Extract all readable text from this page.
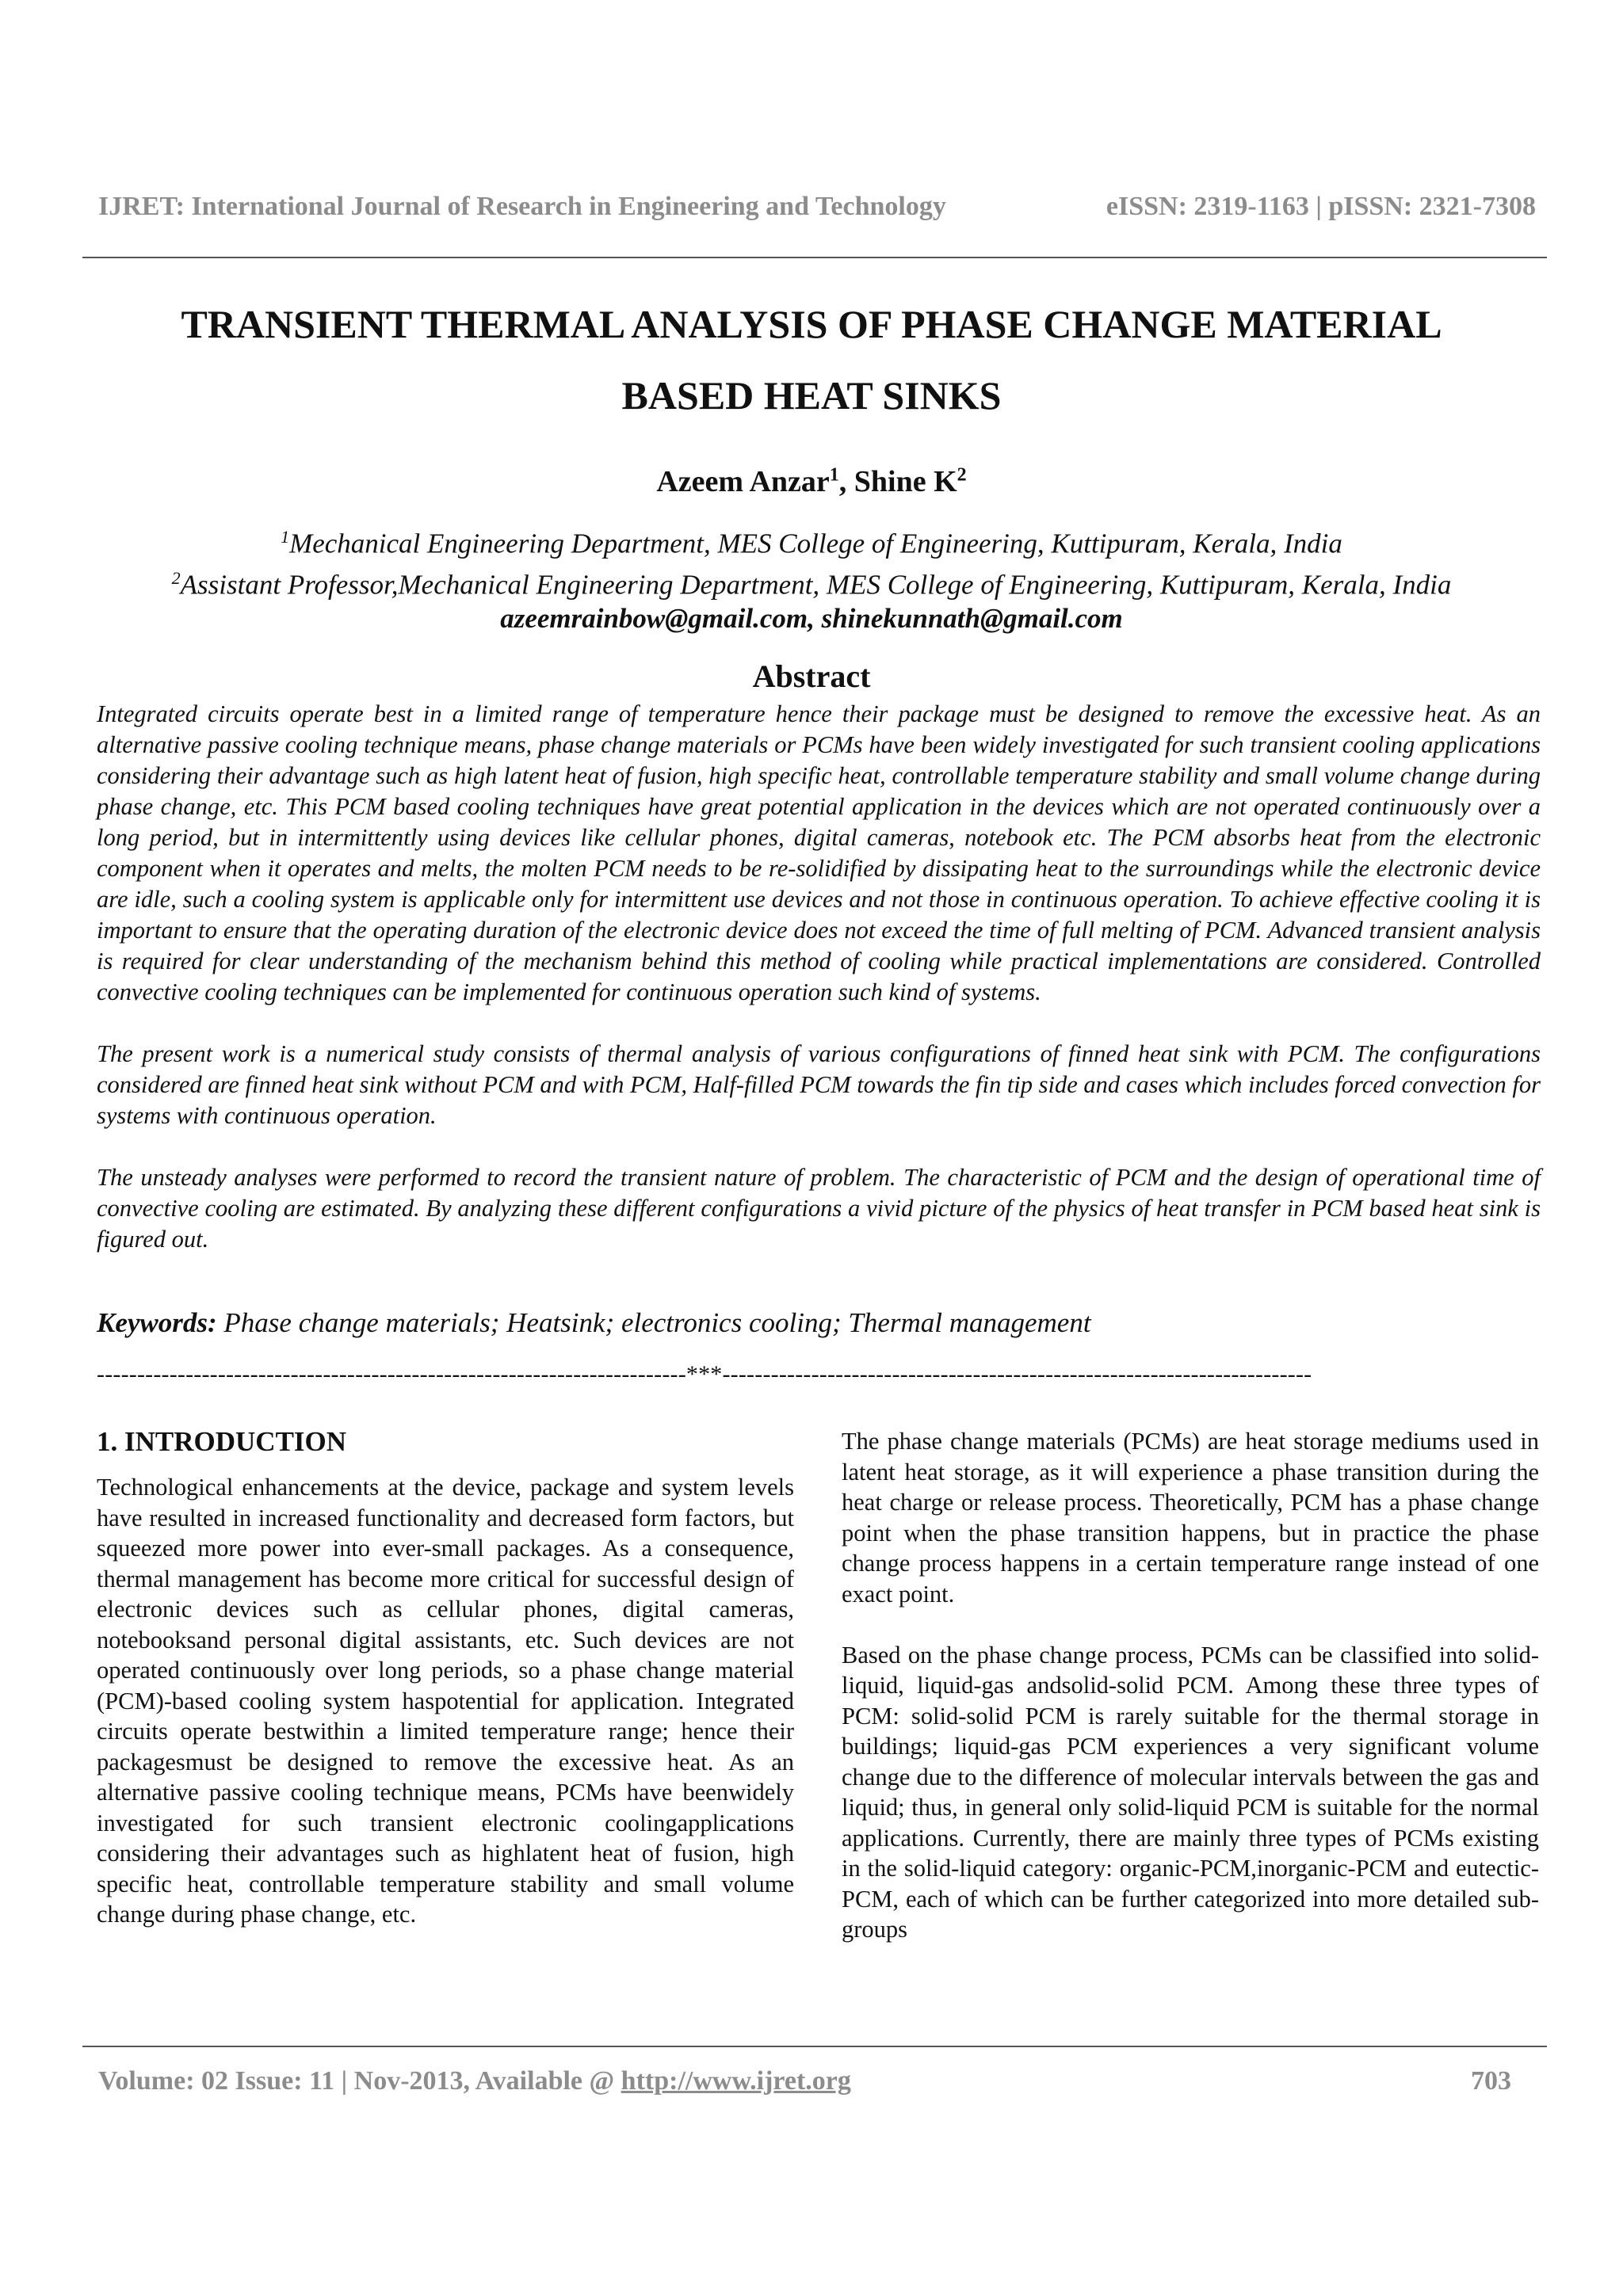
IJRET: International Journal of Research in Engineering and Technology	eISSN: 2319-1163 | pISSN: 2321-7308
TRANSIENT THERMAL ANALYSIS OF PHASE CHANGE MATERIAL
BASED HEAT SINKS
Azeem Anzar$^1$, Shine $K^2$
$^1$Mechanical Engineering Department, MES College of Engineering, Kuttipuram, Kerala, India
$^2$Assistant Professor,Mechanical Engineering Department, MES College of Engineering, Kuttipuram, Kerala, India
azeemrainbow@gmail.com, shinekunnath@gmail.com
Abstract

Integrated circuits operate best in a limited range of temperature hence their package must be designed to remove the excessive heat. As an alternative passive cooling technique means, phase change materials or PCMs have been widely investigated for such transient cooling applications considering their advantage such as high latent heat of fusion, high specific heat, controllable temperature stability and small volume change during phase change, etc. This PCM based cooling techniques have great potential application in the devices which are not operated continuously over a long period, but in intermittently using devices like cellular phones, digital cameras, notebook etc. The PCM absorbs heat from the electronic component when it operates and melts, the molten PCM needs to be re-solidified by dissipating heat to the surroundings while the electronic device are idle, such a cooling system is applicable only for intermittent use devices and not those in continuous operation. To achieve effective cooling it is important to ensure that the operating duration of the electronic device does not exceed the time of full melting of PCM. Advanced transient analysis is required for clear understanding of the mechanism behind this method of cooling while practical implementations are considered. Controlled convective cooling techniques can be implemented for continuous operation such kind of systems.

The present work is a numerical study consists of thermal analysis of various configurations of finned heat sink with PCM. The configurations considered are finned heat sink without PCM and with PCM, Half-filled PCM towards the fin tip side and cases which includes forced convection for systems with continuous operation.

The unsteady analyses were performed to record the transient nature of problem. The characteristic of PCM and the design of operational time of convective cooling are estimated. By analyzing these different configurations a vivid picture of the physics of heat transfer in PCM based heat sink is figured out.

Keywords: Phase change materials; Heatsink; electronics cooling; Thermal management
-------------------------------------------------------------------------***-------------------------------------------------------------------------
1. INTRODUCTION

Technological enhancements at the device, package and system levels have resulted in increased functionality and decreased form factors, but squeezed more power into ever-small packages. As a consequence, thermal management has become more critical for successful design of electronic devices such as cellular phones, digital cameras, notebooksand personal digital assistants, etc. Such devices are not operated continuously over long periods, so a phase change material (PCM)-based cooling system haspotential for application. Integrated circuits operate bestwithin a limited temperature range; hence their packagesmust be designed to remove the excessive heat. As an alternative passive cooling technique means, PCMs have beenwidely investigated for such transient electronic coolingapplications considering their advantages such as highlatent heat of fusion, high specific heat, controllable temperature stability and small volume change during phase change, etc.

The phase change materials (PCMs) are heat storage mediums used in latent heat storage, as it will experience a phase transition during the heat charge or release process. Theoretically, PCM has a phase change point when the phase transition happens, but in practice the phase change process happens in a certain temperature range instead of one exact point.

Based on the phase change process, PCMs can be classified into solid-liquid, liquid-gas andsolid-solid PCM. Among these three types of PCM: solid-solid PCM is rarely suitable for the thermal storage in buildings; liquid-gas PCM experiences a very significant volume change due to the difference of molecular intervals between the gas and liquid; thus, in general only solid-liquid PCM is suitable for the normal applications. Currently, there are mainly three types of PCMs existing in the solid-liquid category: organic-PCM,inorganic-PCM and eutectic-PCM, each of which can be further categorized into more detailed sub-groups

Volume: 02 Issue: 11 | Nov-2013, Available @ http://www.ijret.org	703
